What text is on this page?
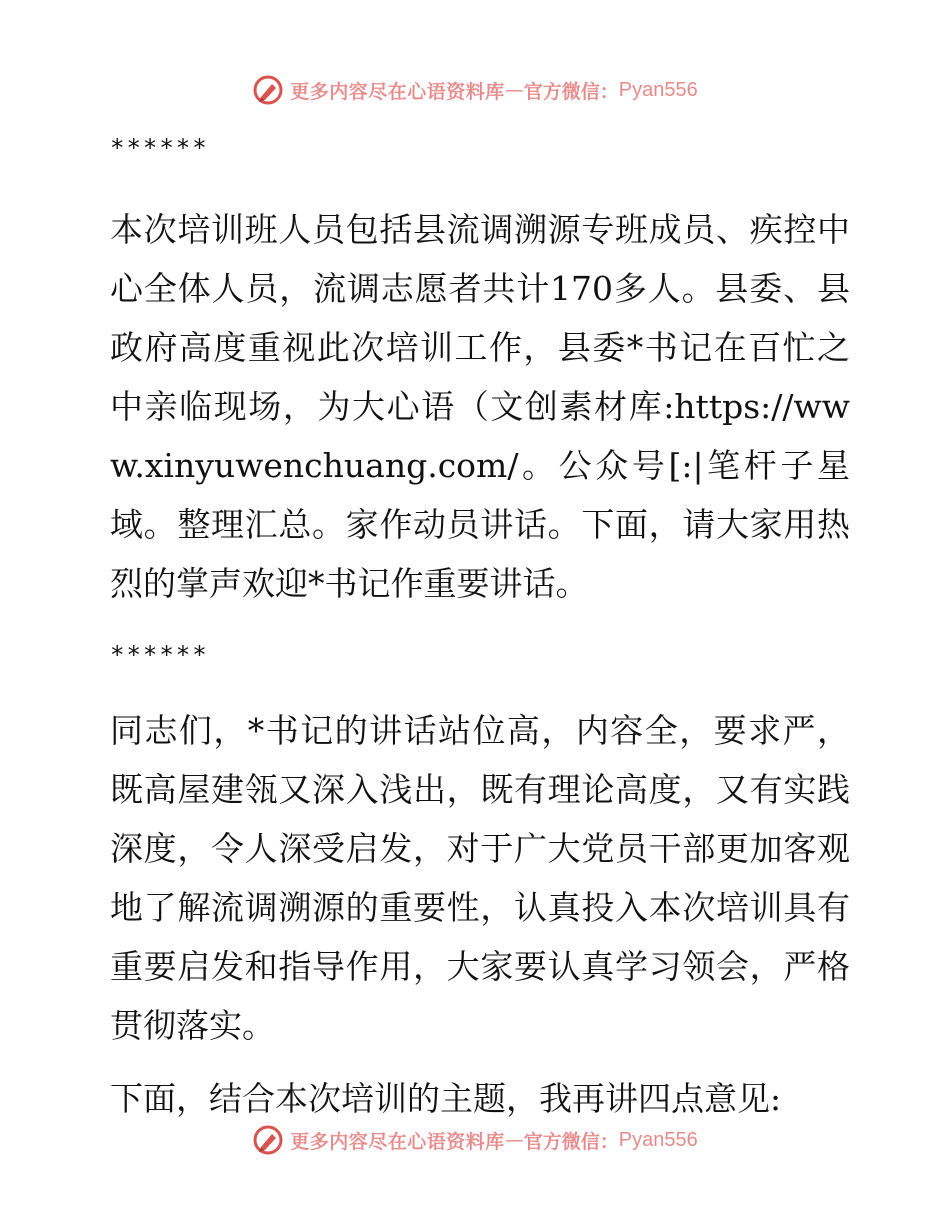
更多内容尽在心语资料库 — 官方微信： Pyan556

******

本次培训班人员包括县流调溯源专班成员、疾控中心全体人员，流调志愿者共计170多人。县委、县政府高度重视此次培训工作，县委*书记在百忙之中亲临现场，为大心语（文创素材库:https://www.xinyuwenchuang.com/。公众号[:|笔杆子星域。整理汇总。家作动员讲话。下面，请大家用热烈的掌声欢迎*书记作重要讲话。

******

同志们，*书记的讲话站位高，内容全，要求严，既高屋建瓴又深入浅出，既有理论高度，又有实践深度，令人深受启发，对于广大党员干部更加客观地了解流调溯源的重要性，认真投入本次培训具有重要启发和指导作用，大家要认真学习领会，严格贯彻落实。

下面，结合本次培训的主题，我再讲四点意见:

更多内容尽在心语资料库 — 官方微信： Pyan556
